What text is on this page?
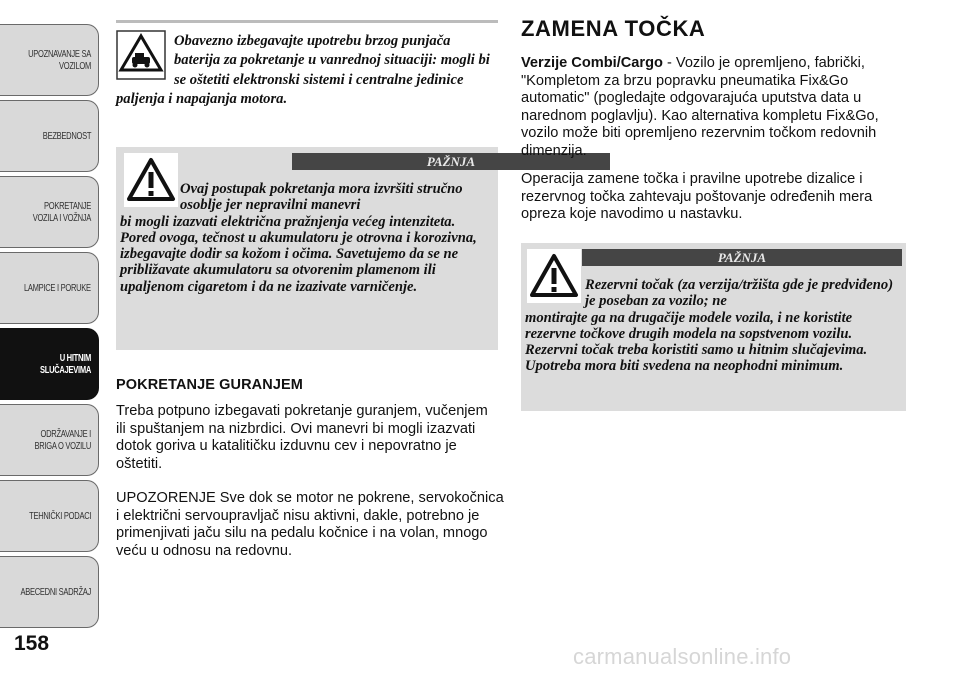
UPOZNAVANJE SA VOZILOM
BEZBEDNOST
POKRETANJE VOZILA I VOŽNJA
LAMPICE I PORUKE
U HITNIM SLUČAJEVIMA
ODRŽAVANJE I BRIGA O VOZILU
TEHNIČKI PODACI
ABECEDNI SADRŽAJ
158
Obavezno izbegavajte upotrebu brzog punjača baterija za pokretanje u vanrednoj situaciji: mogli bi se oštetiti elektronski sistemi i centralne jedinice paljenja i napajanja motora.
PAŽNJA
Ovaj postupak pokretanja mora izvršiti stručno osoblje jer nepravilni manevri
bi mogli izazvati električna pražnjenja većeg intenziteta. Pored ovoga, tečnost u akumulatoru je otrovna i korozivna, izbegavajte dodir sa kožom i očima. Savetujemo da se ne približavate akumulatoru sa otvorenim plamenom ili upaljenom cigaretom i da ne izazivate varničenje.
POKRETANJE GURANJEM
Treba potpuno izbegavati pokretanje guranjem, vučenjem ili spuštanjem na nizbrdici. Ovi manevri bi mogli izazvati dotok goriva u katalitičku izduvnu cev i nepovratno je oštetiti.
UPOZORENJE Sve dok se motor ne pokrene, servokočnica i električni servoupravljač nisu aktivni, dakle, potrebno je primenjivati jaču silu na pedalu kočnice i na volan, mnogo veću u odnosu na redovnu.
ZAMENA TOČKA
Verzije Combi/Cargo - Vozilo je opremljeno, fabrički, "Kompletom za brzu popravku pneumatika Fix&Go automatic" (pogledajte odgovarajuća uputstva data u narednom poglavlju). Kao alternativa kompletu Fix&Go, vozilo može biti opremljeno rezervnim točkom redovnih dimenzija.
Operacija zamene točka i pravilne upotrebe dizalice i rezervnog točka zahtevaju poštovanje određenih mera opreza koje navodimo u nastavku.
PAŽNJA
Rezervni točak (za verzija/tržišta gde je predviđeno) je poseban za vozilo; ne
montirajte ga na drugačije modele vozila, i ne koristite rezervne točkove drugih modela na sopstvenom vozilu. Rezervni točak treba koristiti samo u hitnim slučajevima. Upotreba mora biti svedena na neophodni minimum.
carmanualsonline.info
